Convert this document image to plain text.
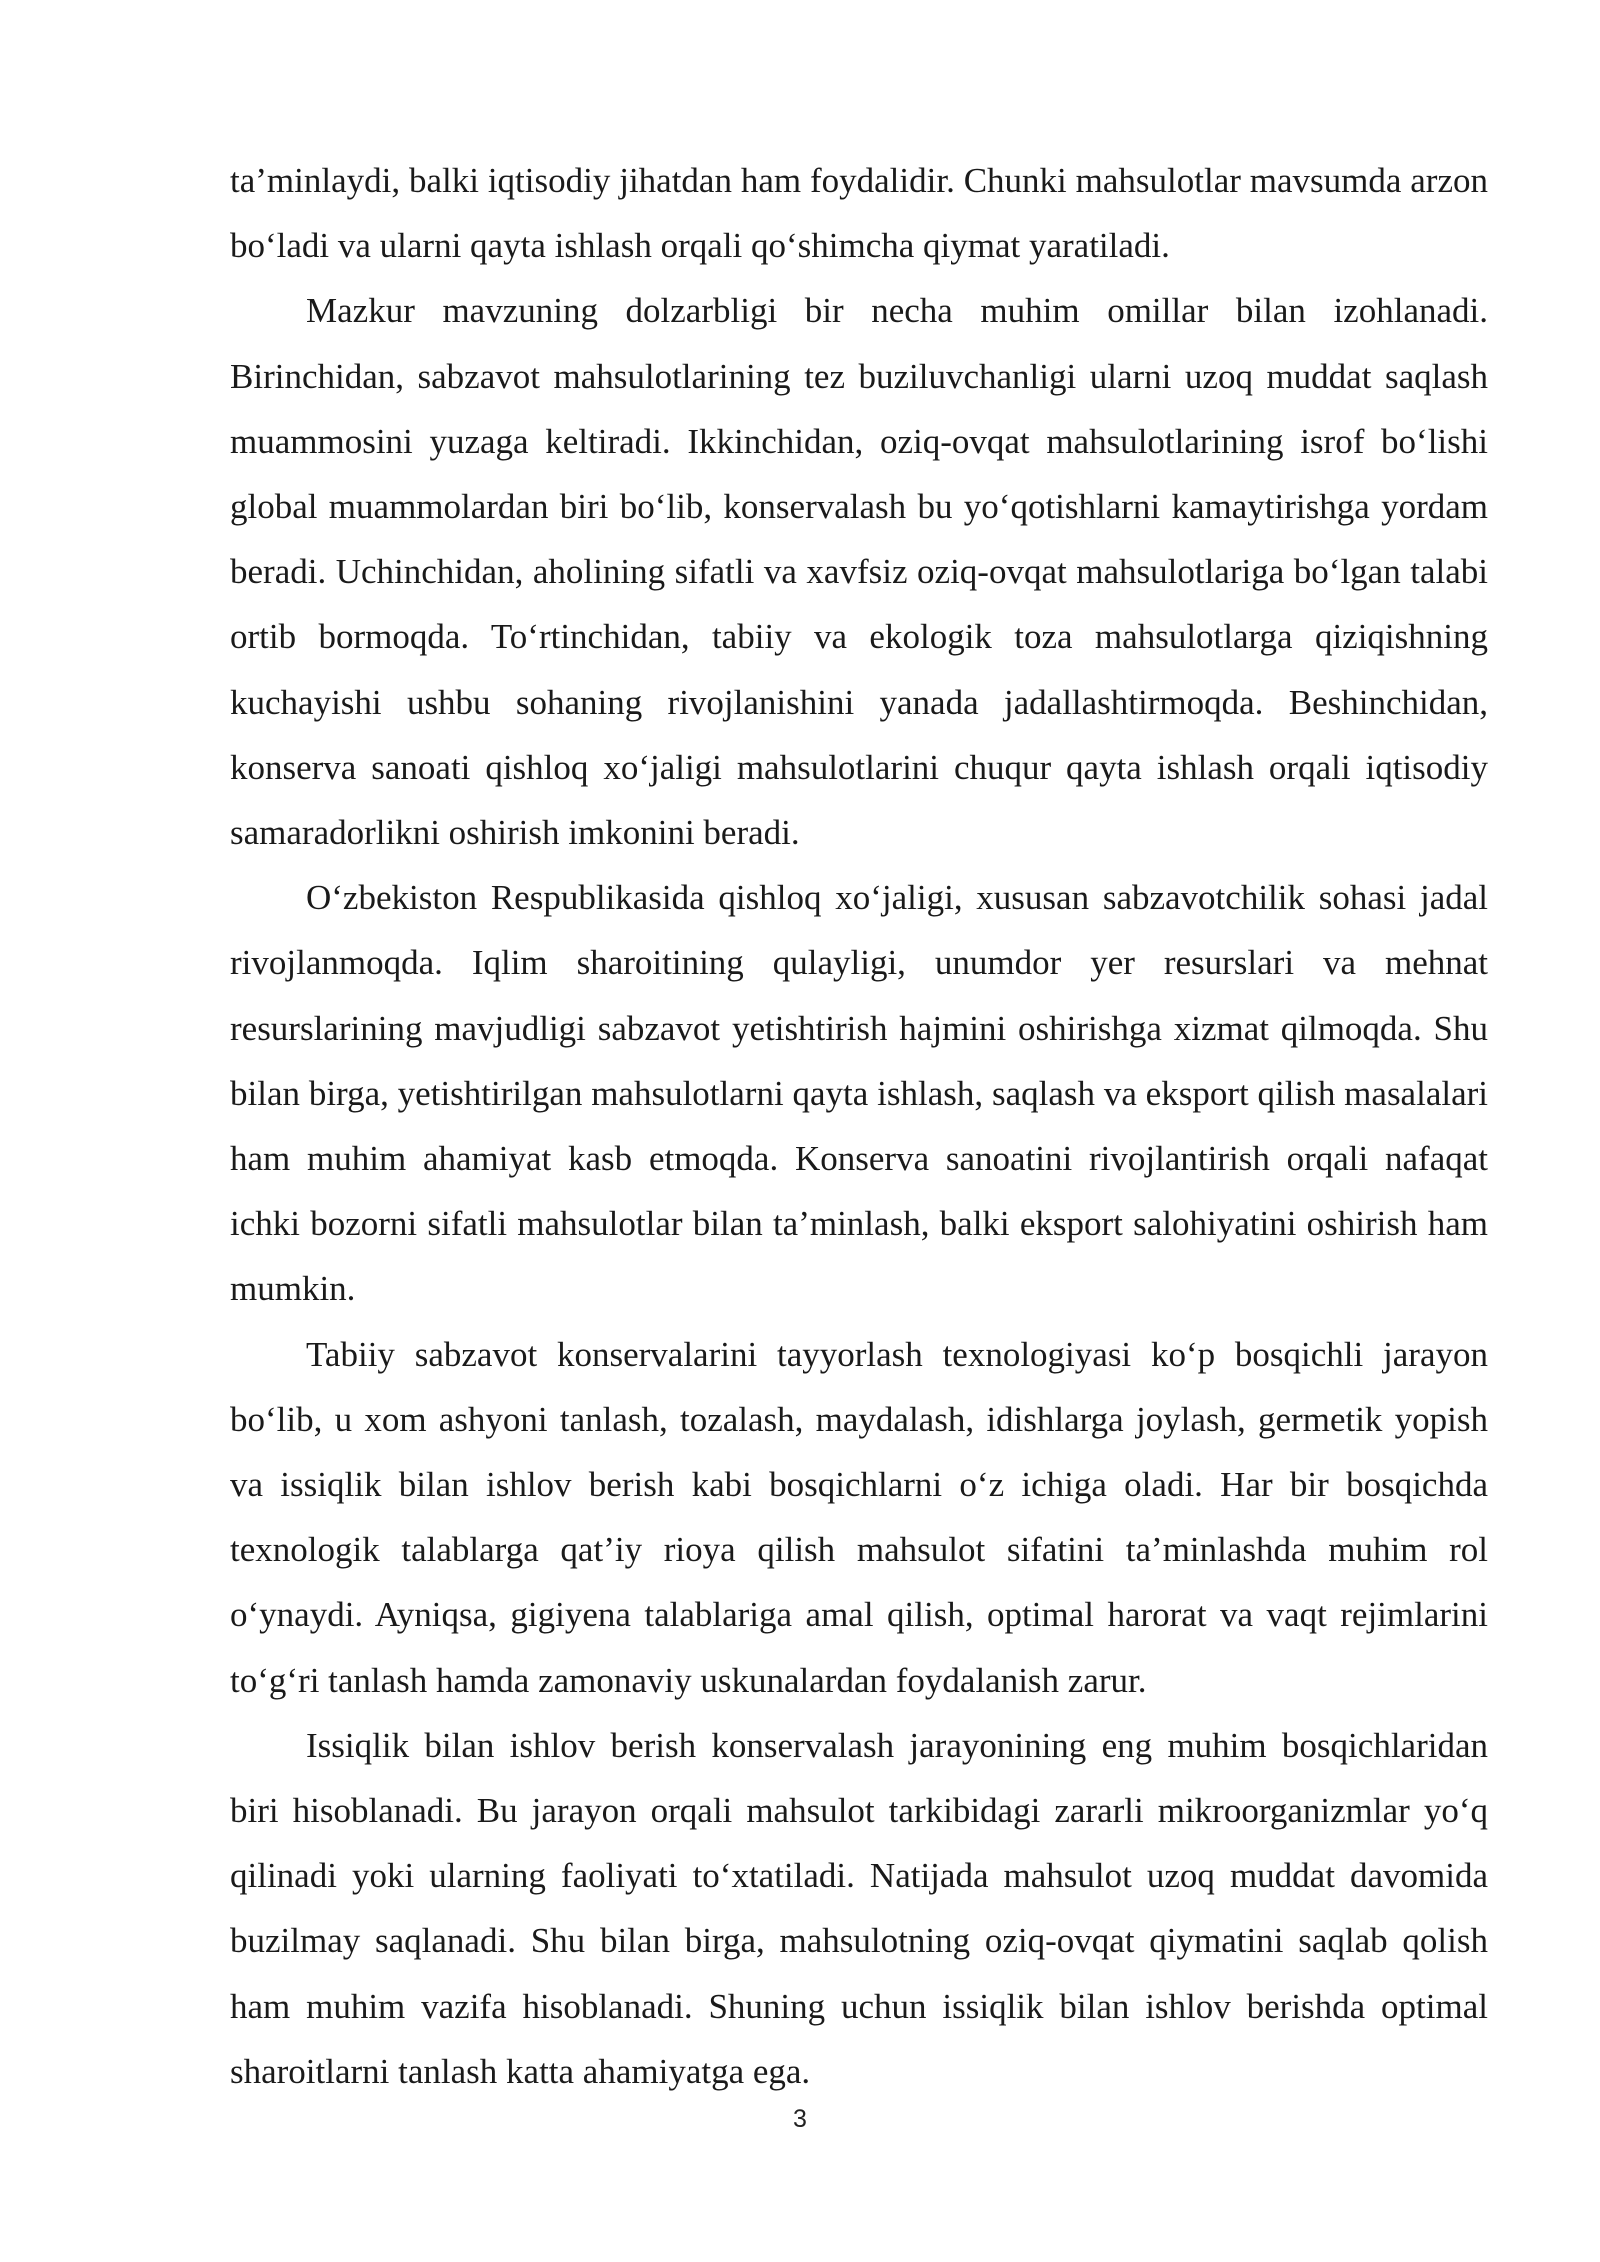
ta’minlaydi, balki iqtisodiy jihatdan ham foydalidir. Chunki mahsulotlar mavsumda arzon bo‘ladi va ularni qayta ishlash orqali qo‘shimcha qiymat yaratiladi.

Mazkur mavzuning dolzarbligi bir necha muhim omillar bilan izohlanadi. Birinchidan, sabzavot mahsulotlarining tez buziluvchanligi ularni uzoq muddat saqlash muammosini yuzaga keltiradi. Ikkinchidan, oziq-ovqat mahsulotlarining isrof bo‘lishi global muammolardan biri bo‘lib, konservalash bu yo‘qotishlarni kamaytirishga yordam beradi. Uchinchidan, aholining sifatli va xavfsiz oziq-ovqat mahsulotlariga bo‘lgan talabi ortib bormoqda. To‘rtinchidan, tabiiy va ekologik toza mahsulotlarga qiziqishning kuchayishi ushbu sohaning rivojlanishini yanada jadallashtirmoqda. Beshinchidan, konserva sanoati qishloq xo‘jaligi mahsulotlarini chuqur qayta ishlash orqali iqtisodiy samaradorlikni oshirish imkonini beradi.

O‘zbekiston Respublikasida qishloq xo‘jaligi, xususan sabzavotchilik sohasi jadal rivojlanmoqda. Iqlim sharoitining qulayligi, unumdor yer resurslari va mehnat resurslarining mavjudligi sabzavot yetishtirish hajmini oshirishga xizmat qilmoqda. Shu bilan birga, yetishtirilgan mahsulotlarni qayta ishlash, saqlash va eksport qilish masalalari ham muhim ahamiyat kasb etmoqda. Konserva sanoatini rivojlantirish orqali nafaqat ichki bozorni sifatli mahsulotlar bilan ta’minlash, balki eksport salohiyatini oshirish ham mumkin.

Tabiiy sabzavot konservalarini tayyorlash texnologiyasi ko‘p bosqichli jarayon bo‘lib, u xom ashyoni tanlash, tozalash, maydalash, idishlarga joylash, germetik yopish va issiqlik bilan ishlov berish kabi bosqichlarni o‘z ichiga oladi. Har bir bosqichda texnologik talablarga qat’iy rioya qilish mahsulot sifatini ta’minlashda muhim rol o‘ynaydi. Ayniqsa, gigiyena talablariga amal qilish, optimal harorat va vaqt rejimlarini to‘g‘ri tanlash hamda zamonaviy uskunalardan foydalanish zarur.

Issiqlik bilan ishlov berish konservalash jarayonining eng muhim bosqichlaridan biri hisoblanadi. Bu jarayon orqali mahsulot tarkibidagi zararli mikroorganizmlar yo‘q qilinadi yoki ularning faoliyati to‘xtatiladi. Natijada mahsulot uzoq muddat davomida buzilmay saqlanadi. Shu bilan birga, mahsulotning oziq-ovqat qiymatini saqlab qolish ham muhim vazifa hisoblanadi. Shuning uchun issiqlik bilan ishlov berishda optimal sharoitlarni tanlash katta ahamiyatga ega.

3
